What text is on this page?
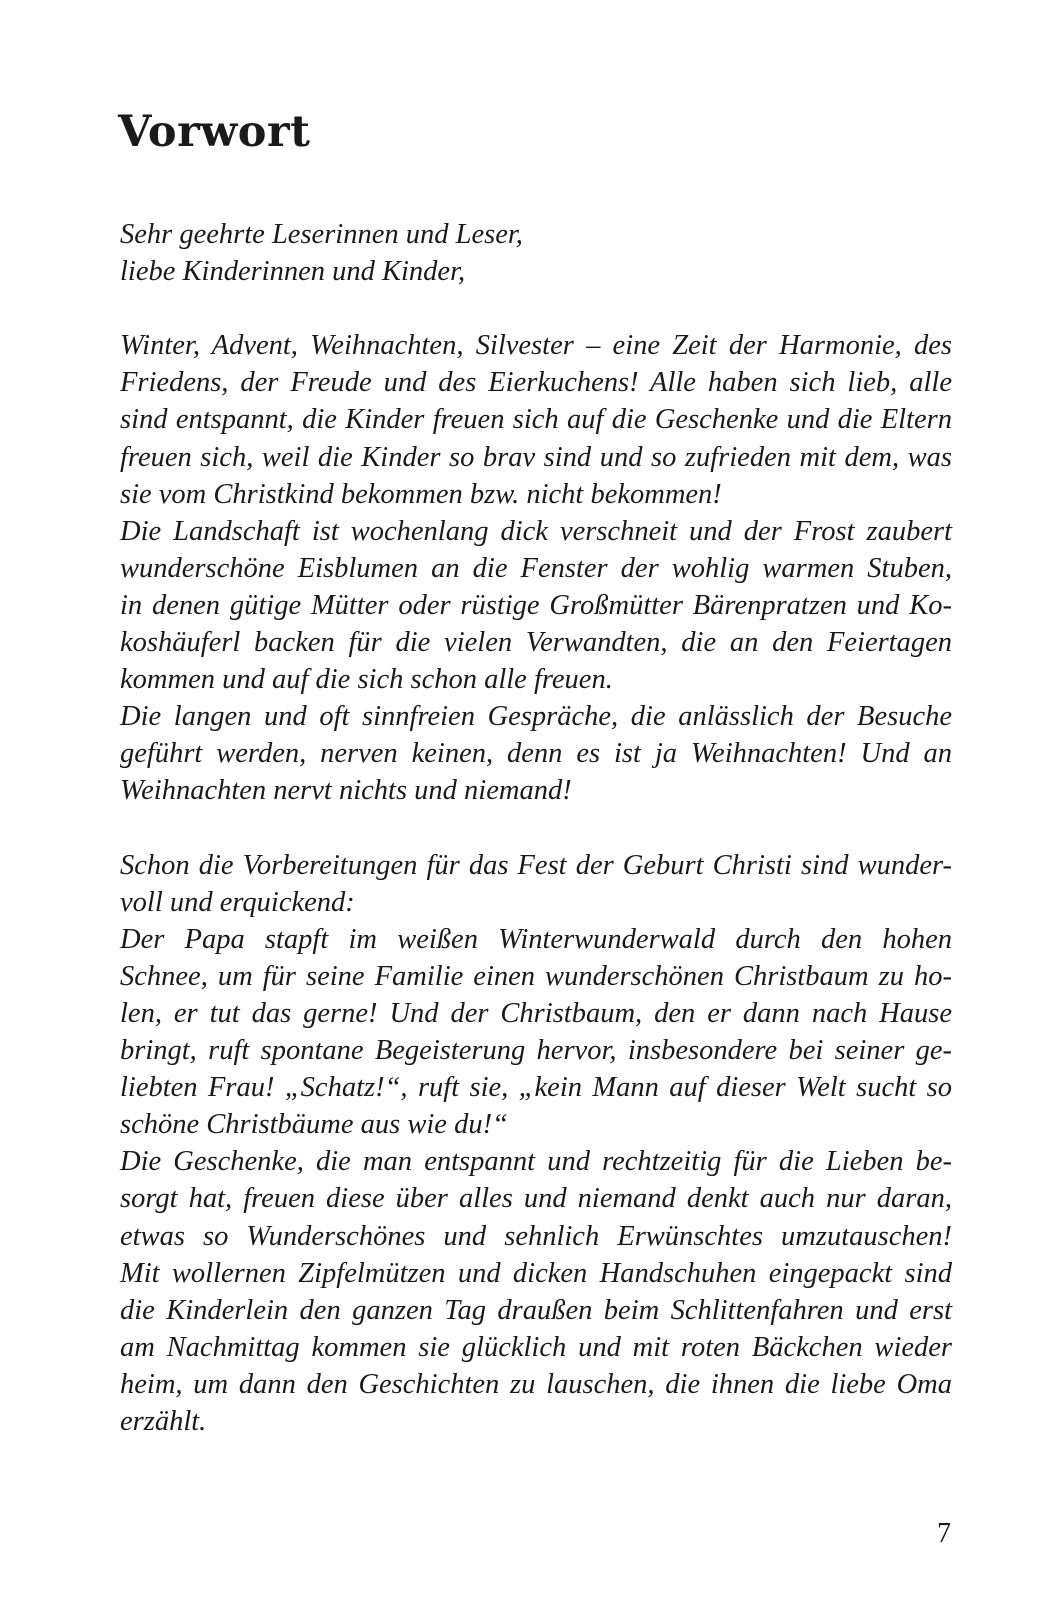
Vorwort
Sehr geehrte Leserinnen und Leser,
liebe Kinderinnen und Kinder,
Winter, Advent, Weihnachten, Silvester – eine Zeit der Harmonie, des
Friedens, der Freude und des Eierkuchens! Alle haben sich lieb, alle
sind entspannt, die Kinder freuen sich auf die Geschenke und die Eltern
freuen sich, weil die Kinder so brav sind und so zufrieden mit dem, was
sie vom Christkind bekommen bzw. nicht bekommen!
Die Landschaft ist wochenlang dick verschneit und der Frost zaubert
wunderschöne Eisblumen an die Fenster der wohlig warmen Stuben,
in denen gütige Mütter oder rüstige Großmütter Bärenpratzen und Ko-
koshäuferl backen für die vielen Verwandten, die an den Feiertagen
kommen und auf die sich schon alle freuen.
Die langen und oft sinnfreien Gespräche, die anlässlich der Besuche
geführt werden, nerven keinen, denn es ist ja Weihnachten! Und an
Weihnachten nervt nichts und niemand!
Schon die Vorbereitungen für das Fest der Geburt Christi sind wunder-
voll und erquickend:
Der Papa stapft im weißen Winterwunderwald durch den hohen
Schnee, um für seine Familie einen wunderschönen Christbaum zu ho-
len, er tut das gerne! Und der Christbaum, den er dann nach Hause
bringt, ruft spontane Begeisterung hervor, insbesondere bei seiner ge-
liebten Frau! „Schatz!“, ruft sie, „kein Mann auf dieser Welt sucht so
schöne Christbäume aus wie du!“
Die Geschenke, die man entspannt und rechtzeitig für die Lieben be-
sorgt hat, freuen diese über alles und niemand denkt auch nur daran,
etwas so Wunderschönes und sehnlich Erwünschtes umzutauschen!
Mit wollernen Zipfelmützen und dicken Handschuhen eingepackt sind
die Kinderlein den ganzen Tag draußen beim Schlittenfahren und erst
am Nachmittag kommen sie glücklich und mit roten Bäckchen wieder
heim, um dann den Geschichten zu lauschen, die ihnen die liebe Oma
erzählt.
7
